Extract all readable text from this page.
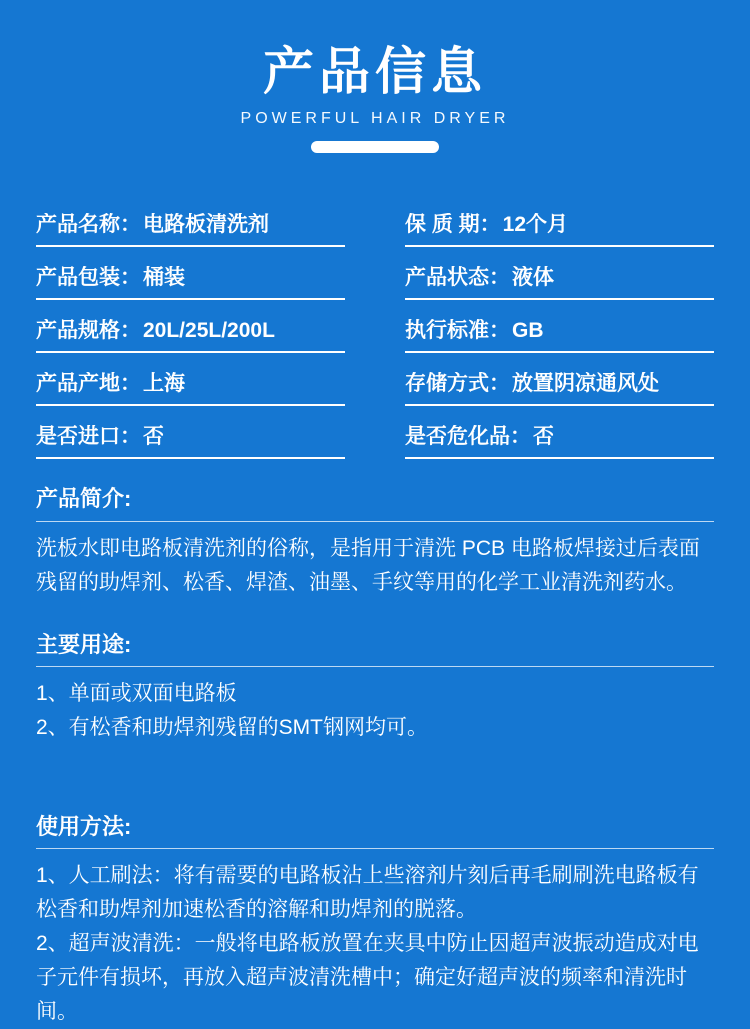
产品信息
POWERFUL HAIR DRYER
产品名称：电路板清洗剂	保 质 期：12个月
产品包装：桶装	产品状态：液体
产品规格：20L/25L/200L	执行标准：GB
产品产地：上海	存储方式：放置阴凉通风处
是否进口：否	是否危化品：否
产品简介:

洗板水即电路板清洗剂的俗称，是指用于清洗 PCB 电路板焊接过后表面残留的助焊剂、松香、焊渣、油墨、手纹等用的化学工业清洗剂药水。

主要用途:
1、单面或双面电路板
2、有松香和助焊剂残留的SMT钢网均可。
使用方法:
1、人工刷法：将有需要的电路板沾上些溶剂片刻后再毛刷刷洗电路板有松香和助焊剂加速松香的溶解和助焊剂的脱落。
2、超声波清洗：一般将电路板放置在夹具中防止因超声波振动造成对电子元件有损坏，再放入超声波清洗槽中；确定好超声波的频率和清洗时间。
